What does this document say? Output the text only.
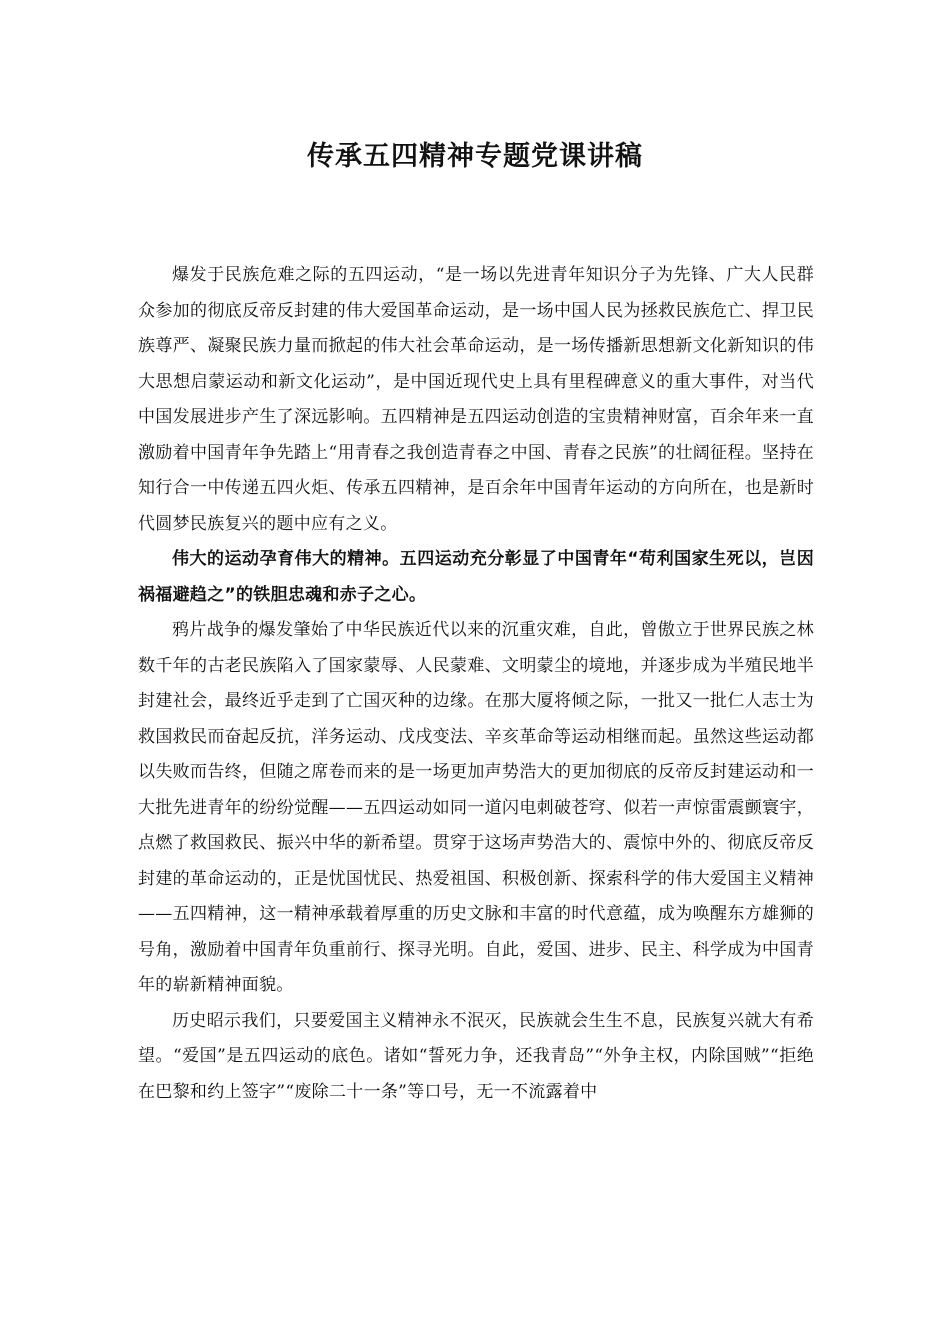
传承五四精神专题党课讲稿

爆发于民族危难之际的五四运动，“是一场以先进青年知识分子为先锋、广大人民群众参加的彻底反帝反封建的伟大爱国革命运动，是一场中国人民为拯救民族危亡、捍卫民族尊严、凝聚民族力量而掀起的伟大社会革命运动，是一场传播新思想新文化新知识的伟大思想启蒙运动和新文化运动”，是中国近现代史上具有里程碑意义的重大事件，对当代中国发展进步产生了深远影响。五四精神是五四运动创造的宝贵精神财富，百余年来一直激励着中国青年争先踏上“用青春之我创造青春之中国、青春之民族”的壮阔征程。坚持在知行合一中传递五四火炬、传承五四精神，是百余年中国青年运动的方向所在，也是新时代圆梦民族复兴的题中应有之义。

伟大的运动孕育伟大的精神。五四运动充分彰显了中国青年“苟利国家生死以，岂因祸福避趋之”的铁胆忠魂和赤子之心。

鸦片战争的爆发肇始了中华民族近代以来的沉重灾难，自此，曾傲立于世界民族之林数千年的古老民族陷入了国家蒙辱、人民蒙难、文明蒙尘的境地，并逐步成为半殖民地半封建社会，最终近乎走到了亡国灭种的边缘。在那大厦将倾之际，一批又一批仁人志士为救国救民而奋起反抗，洋务运动、戊戌变法、辛亥革命等运动相继而起。虽然这些运动都以失败而告终，但随之席卷而来的是一场更加声势浩大的更加彻底的反帝反封建运动和一大批先进青年的纷纷觉醒——五四运动如同一道闪电刺破苍穹、似若一声惊雷震颤寰宇，点燃了救国救民、振兴中华的新希望。贯穿于这场声势浩大的、震惊中外的、彻底反帝反封建的革命运动的，正是忧国忧民、热爱祖国、积极创新、探索科学的伟大爱国主义精神——五四精神，这一精神承载着厚重的历史文脉和丰富的时代意蕴，成为唤醒东方雄狮的号角，激励着中国青年负重前行、探寻光明。自此，爱国、进步、民主、科学成为中国青年的崭新精神面貌。

历史昭示我们，只要爱国主义精神永不泯灭，民族就会生生不息，民族复兴就大有希望。“爱国”是五四运动的底色。诸如“誓死力争，还我青岛”“外争主权，内除国贼”“拒绝在巴黎和约上签字”“废除二十一条”等口号，无一不流露着中
